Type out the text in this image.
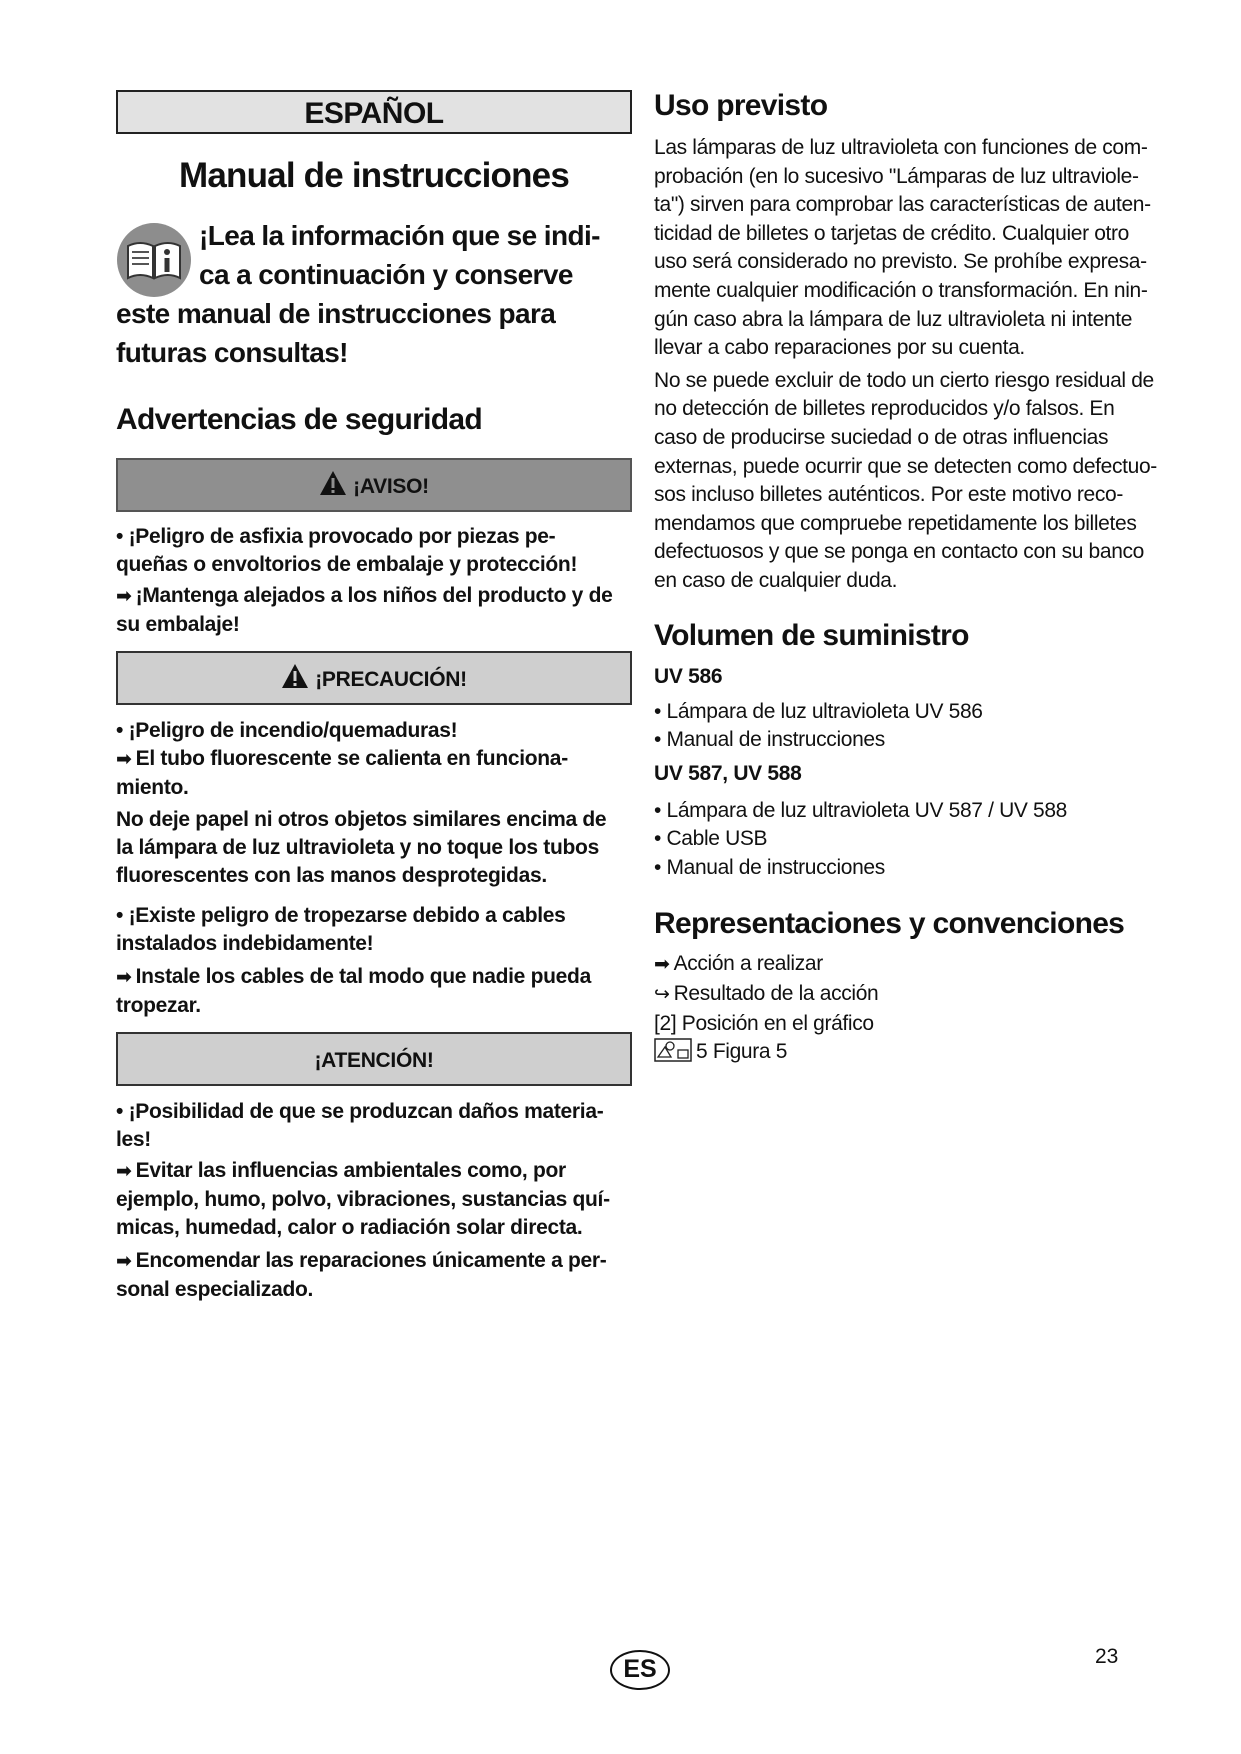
ESPAÑOL
Manual de instrucciones
¡Lea la información que se indi-
ca a continuación y conserve
este manual de instrucciones para
futuras consultas!
Advertencias de seguridad
¡AVISO!

• ¡Peligro de asfixia provocado por piezas pe-

queñas o envoltorios de embalaje y protección!

➡ ¡Mantenga alejados a los niños del producto y de

su embalaje!

¡PRECAUCIÓN!

• ¡Peligro de incendio/quemaduras!

➡ El tubo fluorescente se calienta en funciona-

miento.

No deje papel ni otros objetos similares encima de

la lámpara de luz ultravioleta y no toque los tubos

fluorescentes con las manos desprotegidas.

• ¡Existe peligro de tropezarse debido a cables

instalados indebidamente!

➡ Instale los cables de tal modo que nadie pueda

tropezar.

¡ATENCIÓN!

• ¡Posibilidad de que se produzcan daños materia-

les!

➡ Evitar las influencias ambientales como, por

ejemplo, humo, polvo, vibraciones, sustancias quí-

micas, humedad, calor o radiación solar directa.

➡ Encomendar las reparaciones únicamente a per-

sonal especializado.

Uso previsto

Las lámparas de luz ultravioleta con funciones de com-

probación (en lo sucesivo "Lámparas de luz ultraviole-

ta") sirven para comprobar las características de auten-

ticidad de billetes o tarjetas de crédito. Cualquier otro

uso será considerado no previsto. Se prohíbe expresa-

mente cualquier modificación o transformación. En nin-

gún caso abra la lámpara de luz ultravioleta ni intente

llevar a cabo reparaciones por su cuenta.

No se puede excluir de todo un cierto riesgo residual de

no detección de billetes reproducidos y/o falsos. En

caso de producirse suciedad o de otras influencias

externas, puede ocurrir que se detecten como defectuo-

sos incluso billetes auténticos. Por este motivo reco-

mendamos que compruebe repetidamente los billetes

defectuosos y que se ponga en contacto con su banco

en caso de cualquier duda.

Volumen de suministro
UV 586

• Lámpara de luz ultravioleta UV 586

• Manual de instrucciones

UV 587, UV 588

• Lámpara de luz ultravioleta UV 587 / UV 588

• Cable USB

• Manual de instrucciones

Representaciones y convenciones

➡ Acción a realizar

↪ Resultado de la acción

[2] Posición en el gráfico

5 Figura 5

ES	23
